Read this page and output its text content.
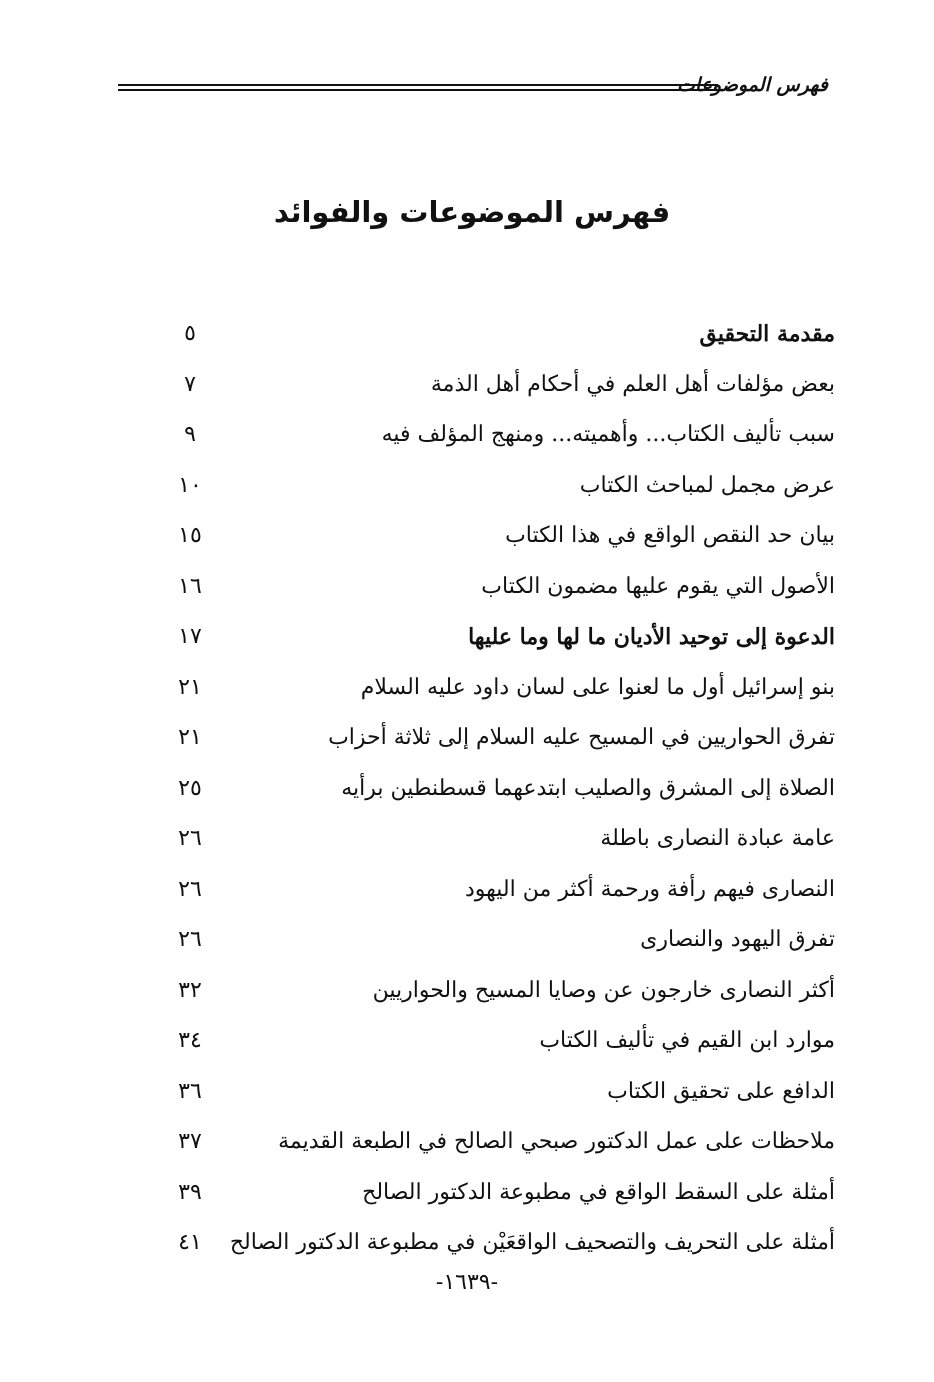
فهرس الموضوعات
فهرس الموضوعات والفوائد
مقدمة التحقيق
٥
بعض مؤلفات أهل العلم في أحكام أهل الذمة
٧
سبب تأليف الكتاب... وأهميته... ومنهج المؤلف فيه
٩
عرض مجمل لمباحث الكتاب
١٠
بيان حد النقص الواقع في هذا الكتاب
١٥
الأصول التي يقوم عليها مضمون الكتاب
١٦
الدعوة إلى توحيد الأديان ما لها وما عليها
١٧
بنو إسرائيل أول ما لعنوا على لسان داود عليه السلام
٢١
تفرق الحواريين في المسيح عليه السلام إلى ثلاثة أحزاب
٢١
الصلاة إلى المشرق والصليب ابتدعهما قسطنطين برأيه
٢٥
عامة عبادة النصارى باطلة
٢٦
النصارى فيهم رأفة ورحمة أكثر من اليهود
٢٦
تفرق اليهود والنصارى
٢٦
أكثر النصارى خارجون عن وصايا المسيح والحواريين
٣٢
موارد ابن القيم في تأليف الكتاب
٣٤
الدافع على تحقيق الكتاب
٣٦
ملاحظات على عمل الدكتور صبحي الصالح في الطبعة القديمة
٣٧
أمثلة على السقط الواقع في مطبوعة الدكتور الصالح
٣٩
أمثلة على التحريف والتصحيف الواقعَيْن في مطبوعة الدكتور الصالح
٤١
-١٦٣٩-
